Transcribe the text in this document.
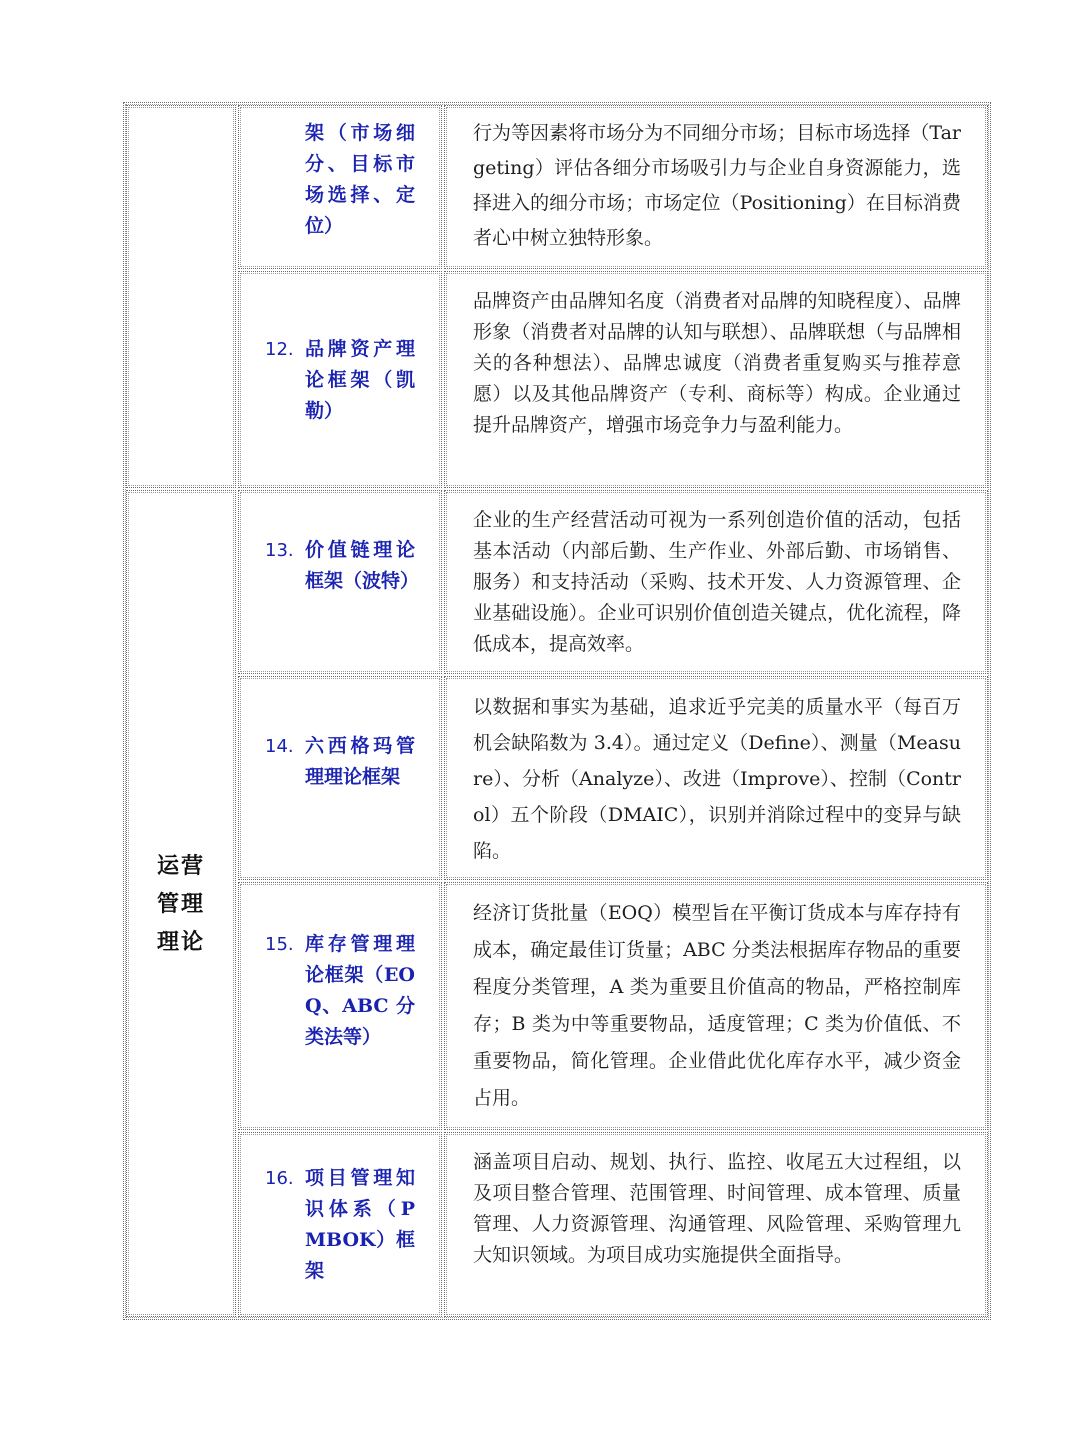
运营管理理论
架（市场细分、目标市场选择、定位）
行为等因素将市场分为不同细分市场；目标市场选择（Targeting）评估各细分市场吸引力与企业自身资源能力，选择进入的细分市场；市场定位（Positioning）在目标消费者心中树立独特形象。
12. 品牌资产理论框架（凯勒）
品牌资产由品牌知名度（消费者对品牌的知晓程度）、品牌形象（消费者对品牌的认知与联想）、品牌联想（与品牌相关的各种想法）、品牌忠诚度（消费者重复购买与推荐意愿）以及其他品牌资产（专利、商标等）构成。企业通过提升品牌资产，增强市场竞争力与盈利能力。
13. 价值链理论框架（波特）
企业的生产经营活动可视为一系列创造价值的活动，包括基本活动（内部后勤、生产作业、外部后勤、市场销售、服务）和支持活动（采购、技术开发、人力资源管理、企业基础设施）。企业可识别价值创造关键点，优化流程，降低成本，提高效率。
14. 六西格玛管理理论框架
以数据和事实为基础，追求近乎完美的质量水平（每百万机会缺陷数为 3.4）。通过定义（Define）、测量（Measure）、分析（Analyze）、改进（Improve）、控制（Control）五个阶段（DMAIC），识别并消除过程中的变异与缺陷。
15. 库存管理理论框架（EOQ、ABC 分类法等）
经济订货批量（EOQ）模型旨在平衡订货成本与库存持有成本，确定最佳订货量；ABC 分类法根据库存物品的重要程度分类管理，A 类为重要且价值高的物品，严格控制库存；B 类为中等重要物品，适度管理；C 类为价值低、不重要物品，简化管理。企业借此优化库存水平，减少资金占用。
16. 项目管理知识体系（PMBOK）框架
涵盖项目启动、规划、执行、监控、收尾五大过程组，以及项目整合管理、范围管理、时间管理、成本管理、质量管理、人力资源管理、沟通管理、风险管理、采购管理九大知识领域。为项目成功实施提供全面指导。
